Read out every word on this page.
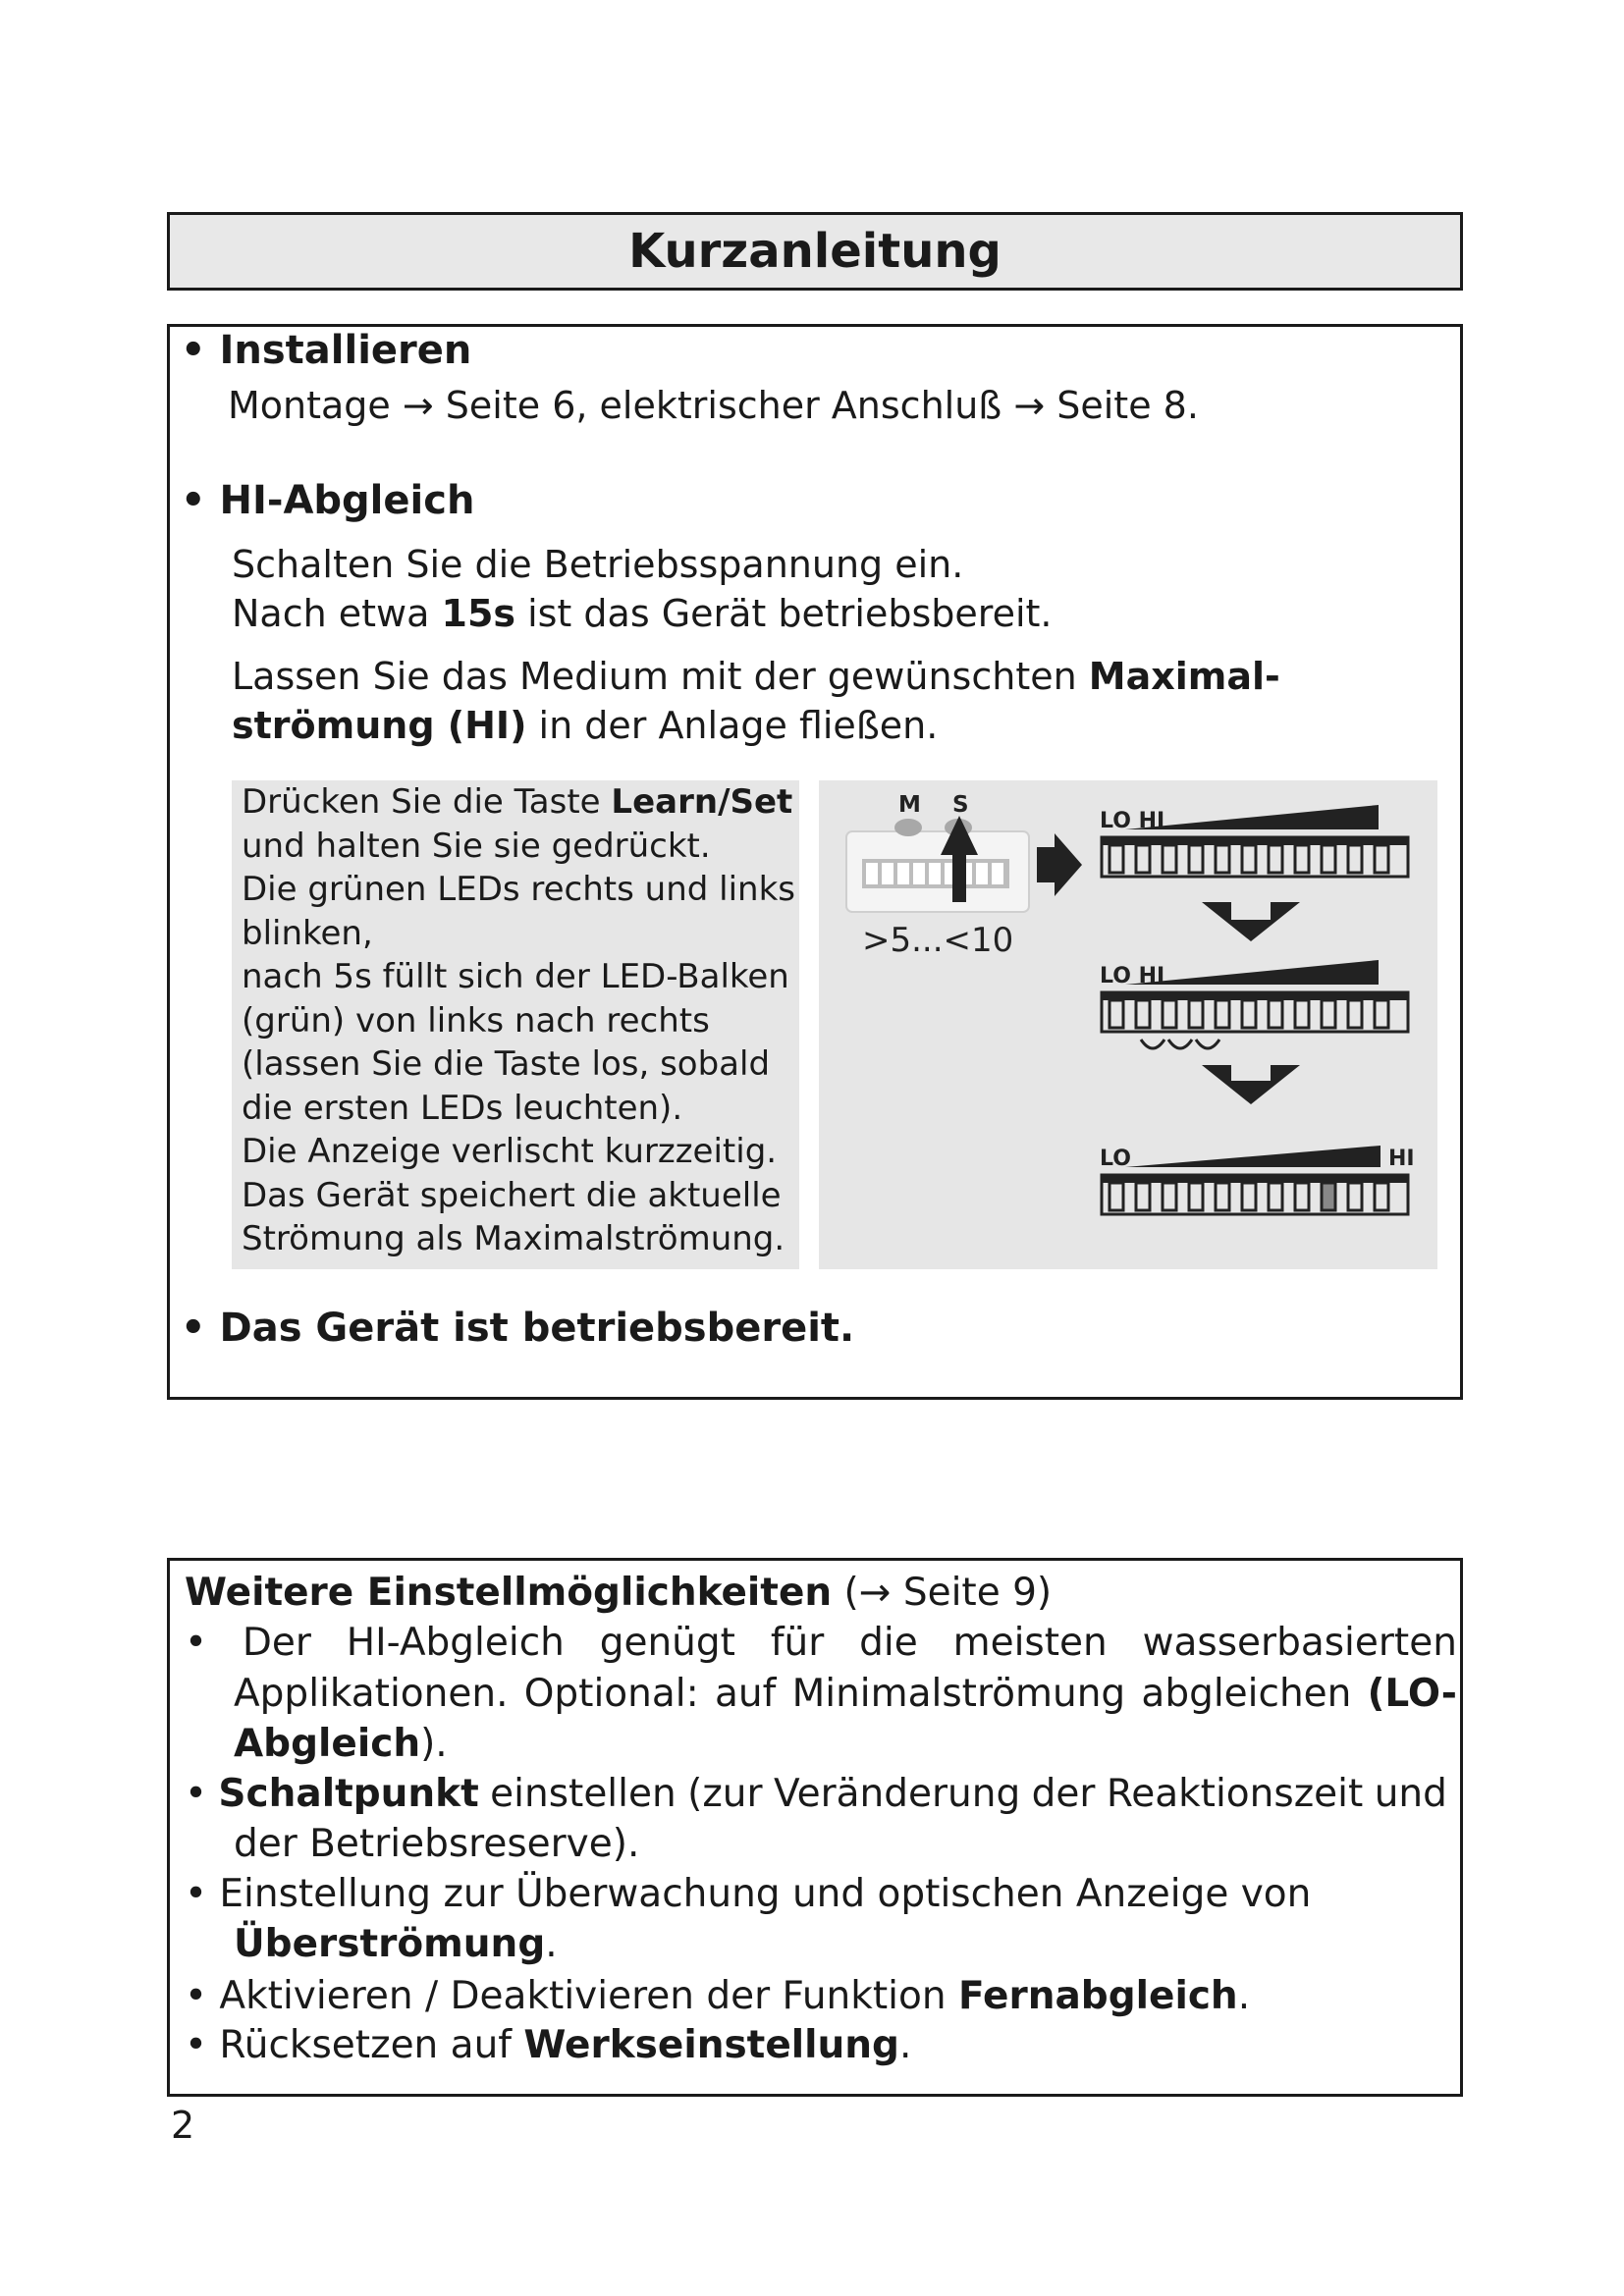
Kurzanleitung
• Installieren
Montage → Seite 6, elektrischer Anschluß → Seite 8.
• HI-Abgleich
Schalten Sie die Betriebsspannung ein.
Nach etwa 15s ist das Gerät betriebsbereit.
Lassen Sie das Medium mit der gewünschten Maximal-
strömung (HI) in der Anlage fließen.
Drücken Sie die Taste Learn/Set
und halten Sie sie gedrückt.
Die grünen LEDs rechts und links
blinken,
nach 5s füllt sich der LED-Balken
(grün) von links nach rechts
(lassen Sie die Taste los, sobald
die ersten LEDs leuchten).
Die Anzeige verlischt kurzzeitig.
Das Gerät speichert die aktuelle
Strömung als Maximalströmung.
M S
>5...<10
LO HI
LO HI
LO	HI
• Das Gerät ist betriebsbereit.
Weitere Einstellmöglichkeiten (→ Seite 9)
• Der HI-Abgleich genügt für die meisten wasserbasierten
Applikationen. Optional: auf Minimalströmung abgleichen (LO-
Abgleich).
• Schaltpunkt einstellen (zur Veränderung der Reaktionszeit und
der Betriebsreserve).
• Einstellung zur Überwachung und optischen Anzeige von
Überströmung.
• Aktivieren / Deaktivieren der Funktion Fernabgleich.
• Rücksetzen auf Werkseinstellung.
2
